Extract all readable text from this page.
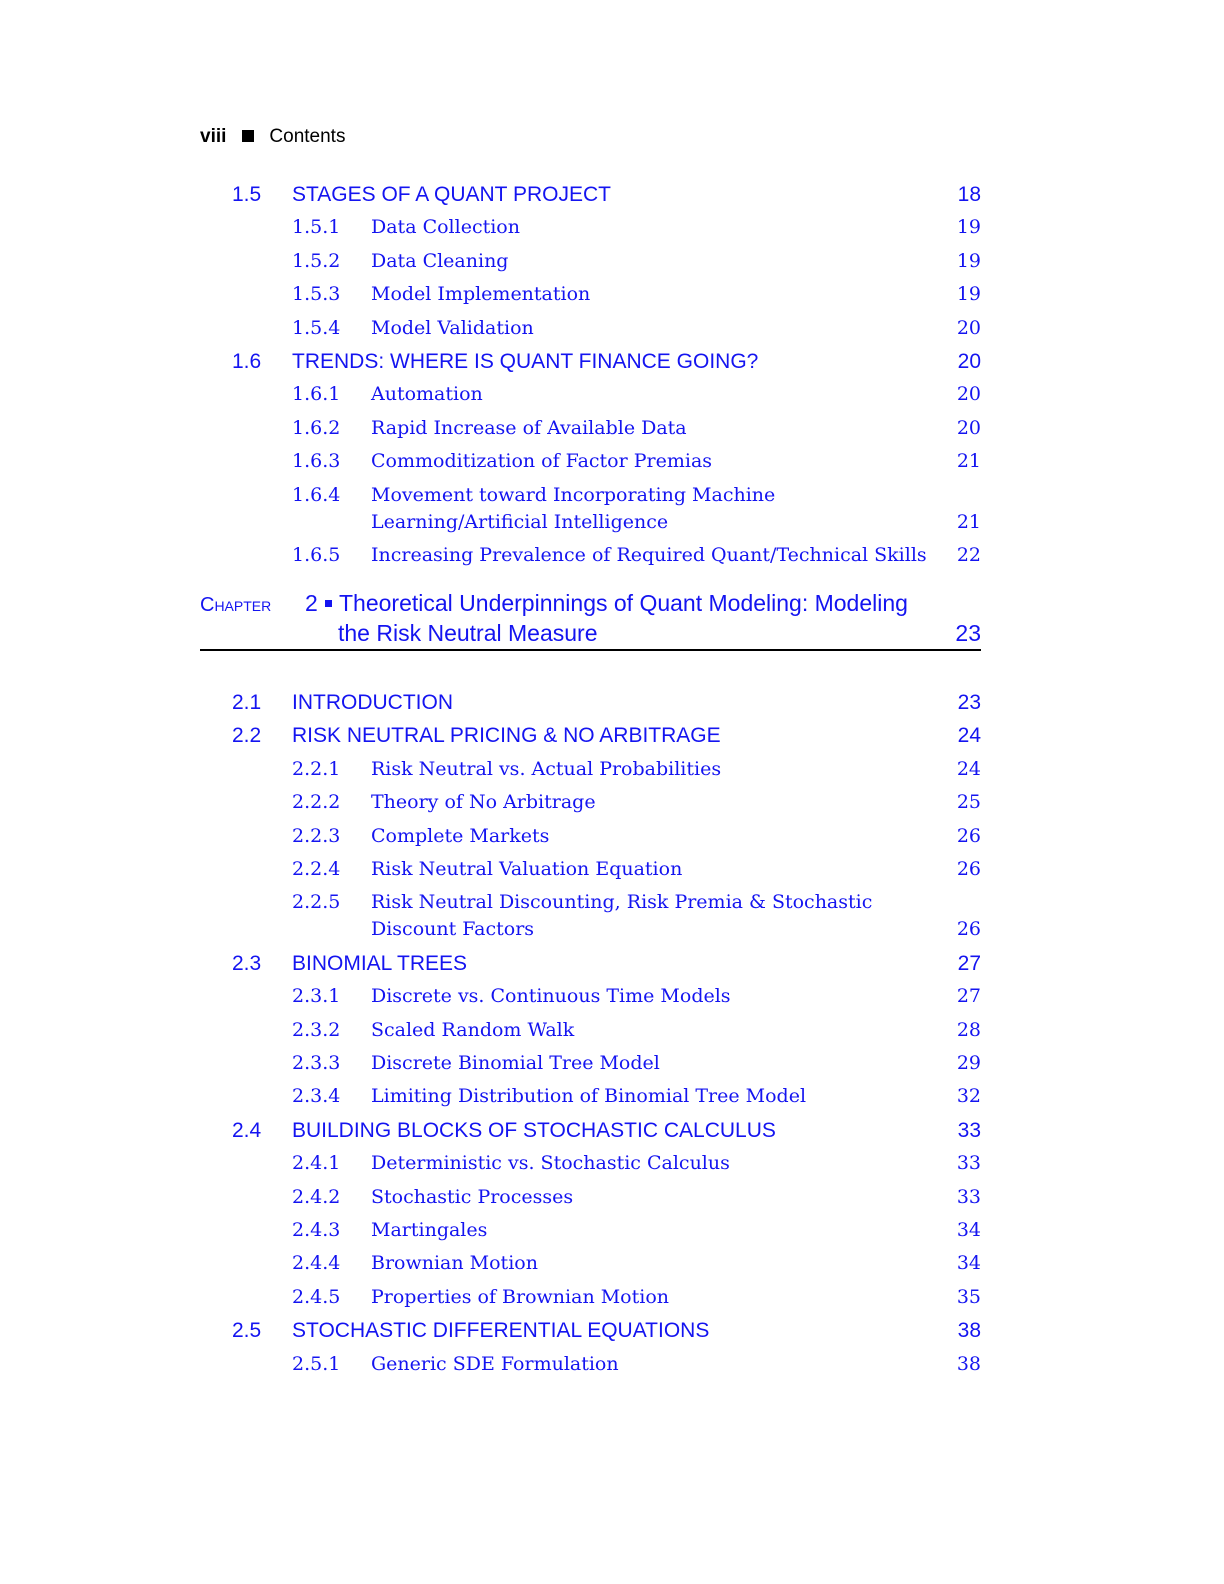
viii Contents
1.5 STAGES OF A QUANT PROJECT	18
1.5.1 Data Collection	19
1.5.2 Data Cleaning	19
1.5.3 Model Implementation	19
1.5.4 Model Validation	20
1.6 TRENDS: WHERE IS QUANT FINANCE GOING?	20
1.6.1 Automation	20
1.6.2 Rapid Increase of Available Data	20
1.6.3 Commoditization of Factor Premias	21
1.6.4 Movement toward Incorporating Machine
Learning/Artificial Intelligence	21
1.6.5 Increasing Prevalence of Required Quant/Technical Skills 22
Chapter 2 Theoretical Underpinnings of Quant Modeling: Modeling
the Risk Neutral Measure	23
2.1 INTRODUCTION	23
2.2 RISK NEUTRAL PRICING & NO ARBITRAGE	24
2.2.1 Risk Neutral vs. Actual Probabilities	24
2.2.2 Theory of No Arbitrage	25
2.2.3 Complete Markets	26
2.2.4 Risk Neutral Valuation Equation	26
2.2.5 Risk Neutral Discounting, Risk Premia & Stochastic
Discount Factors	26
2.3 BINOMIAL TREES	27
2.3.1 Discrete vs. Continuous Time Models	27
2.3.2 Scaled Random Walk	28
2.3.3 Discrete Binomial Tree Model	29
2.3.4 Limiting Distribution of Binomial Tree Model	32
2.4 BUILDING BLOCKS OF STOCHASTIC CALCULUS	33
2.4.1 Deterministic vs. Stochastic Calculus	33
2.4.2 Stochastic Processes	33
2.4.3 Martingales	34
2.4.4 Brownian Motion	34
2.4.5 Properties of Brownian Motion	35
2.5 STOCHASTIC DIFFERENTIAL EQUATIONS	38
2.5.1 Generic SDE Formulation	38
